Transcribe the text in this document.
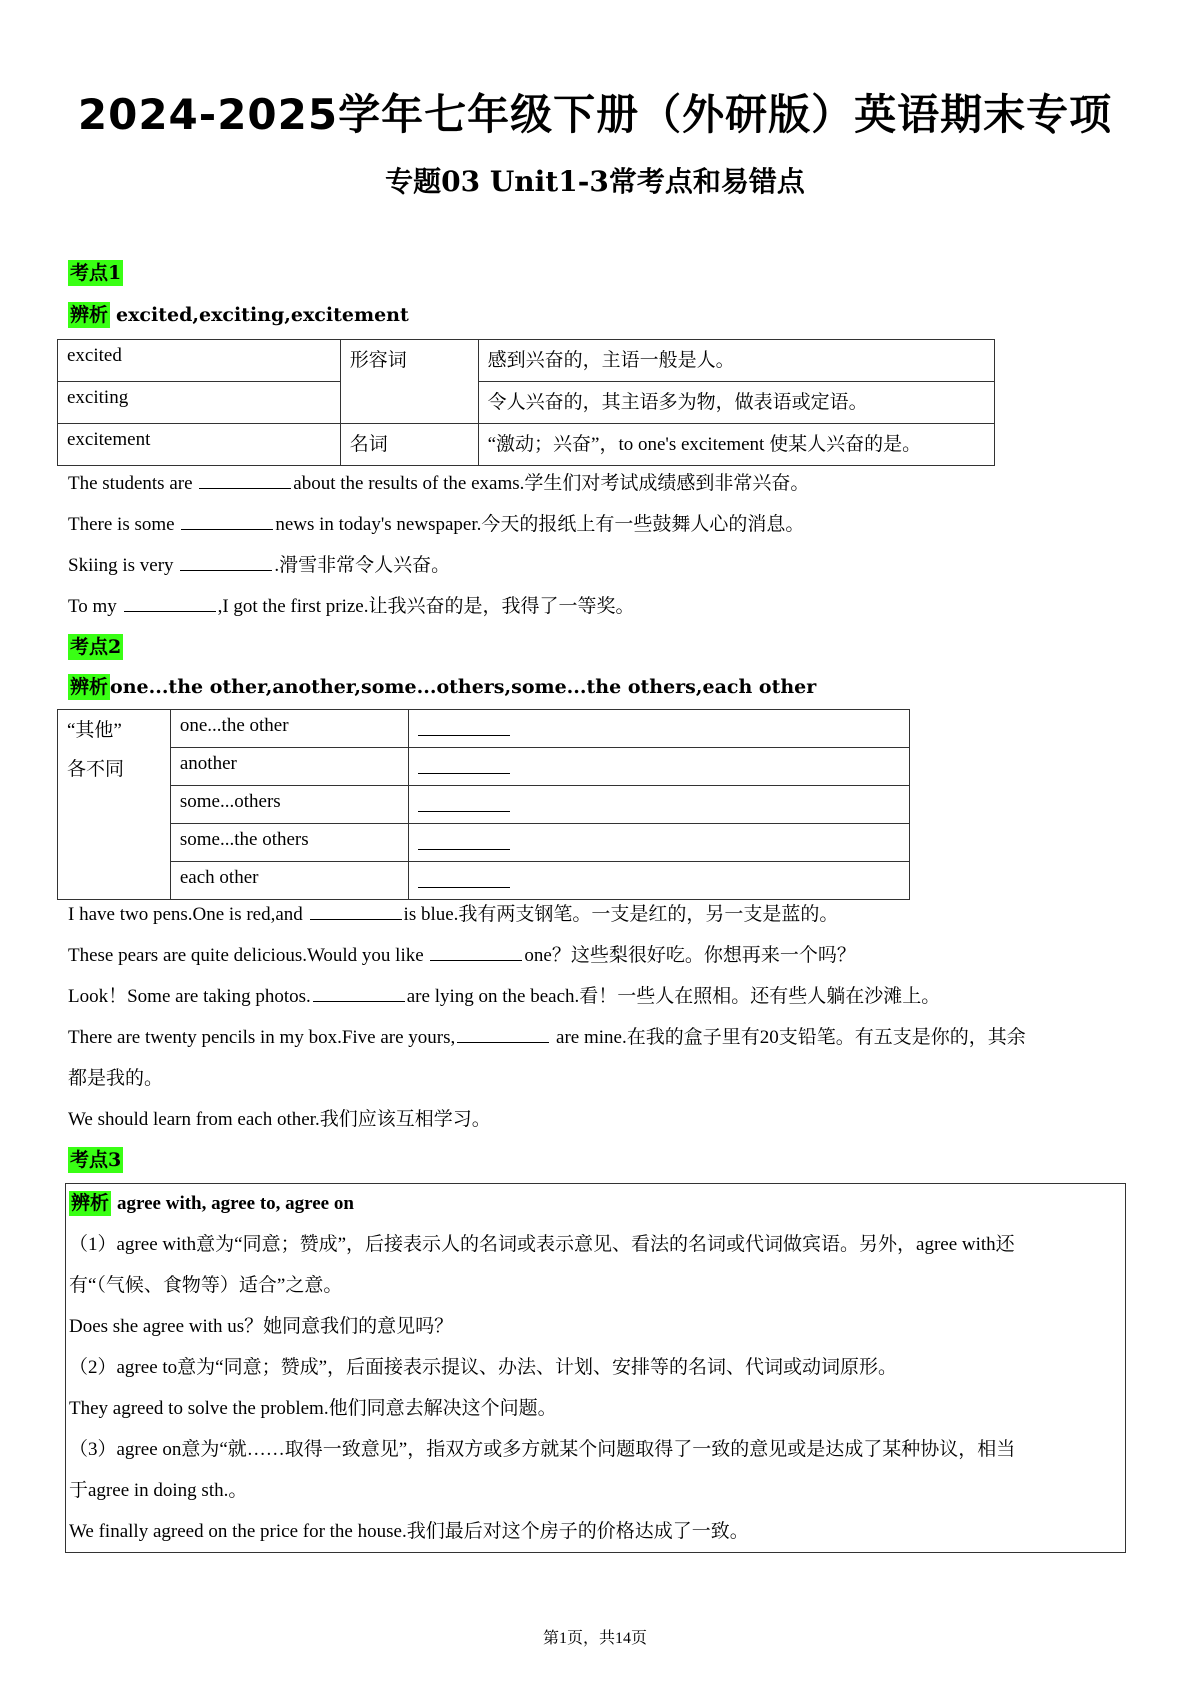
2024-2025学年七年级下册（外研版）英语期末专项
专题03 Unit1-3常考点和易错点
考点1
辨析 excited,exciting,excitement
excited	形容词	感到兴奋的，主语一般是人。
exciting		令人兴奋的，其主语多为物，做表语或定语。
excitement	名词	“激动；兴奋”，to one's excitement 使某人兴奋的是。
The students are	about the results of the exams.学生们对考试成绩感到非常兴奋。
There is some	news in today's newspaper.今天的报纸上有一些鼓舞人心的消息。
Skiing is very	.滑雪非常令人兴奋。
To my	,I got the first prize.让我兴奋的是，我得了一等奖。
考点2
辨析 one...the other,another,some...others,some...the others,each other
“其他”
各不同	one...the other	
	another	
	some...others	
	some...the others	
	each other	
I have two pens.One is red,and	is blue.我有两支钢笔。一支是红的，另一支是蓝的。
These pears are quite delicious.Would you like	one？这些梨很好吃。你想再来一个吗？
Look！Some are taking photos.	are lying on the beach.看！一些人在照相。还有些人躺在沙滩上。
There are twenty pencils in my box.Five are yours,	are mine.在我的盒子里有20支铅笔。有五支是你的，其余
都是我的。
We should learn from each other.我们应该互相学习。
考点3
辨析 agree with, agree to, agree on
（1）agree with意为“同意；赞成”，后接表示人的名词或表示意见、看法的名词或代词做宾语。另外，agree with还
有“（气候、食物等）适合”之意。
Does she agree with us？她同意我们的意见吗？
（2）agree to意为“同意；赞成”，后面接表示提议、办法、计划、安排等的名词、代词或动词原形。
They agreed to solve the problem.他们同意去解决这个问题。
（3）agree on意为“就……取得一致意见”，指双方或多方就某个问题取得了一致的意见或是达成了某种协议，相当
于agree in doing sth.。
We finally agreed on the price for the house.我们最后对这个房子的价格达成了一致。
第1页，共14页
